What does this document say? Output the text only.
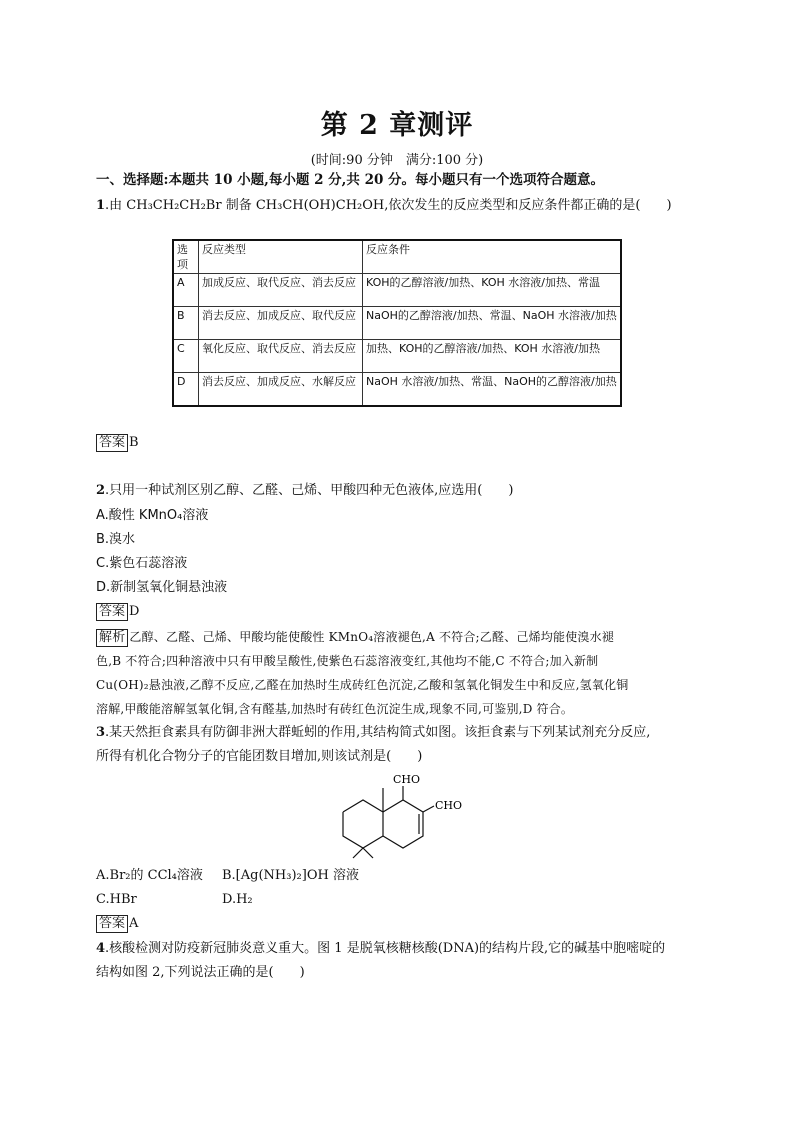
第 2 章测评
(时间:90 分钟　满分:100 分)
一、选择题:本题共 10 小题,每小题 2 分,共 20 分。每小题只有一个选项符合题意。
1.由 CH₃CH₂CH₂Br 制备 CH₃CH(OH)CH₂OH,依次发生的反应类型和反应条件都正确的是(　　)
选项	反应类型	反应条件
A	加成反应、取代反应、消去反应	KOH的乙醇溶液/加热、KOH 水溶液/加热、常温
B	消去反应、加成反应、取代反应	NaOH的乙醇溶液/加热、常温、NaOH 水溶液/加热
C	氧化反应、取代反应、消去反应	加热、KOH的乙醇溶液/加热、KOH 水溶液/加热
D	消去反应、加成反应、水解反应	NaOH 水溶液/加热、常温、NaOH的乙醇溶液/加热
答案 B
2.只用一种试剂区别乙醇、乙醛、己烯、甲酸四种无色液体,应选用(　　)
A.酸性 KMnO₄溶液
B.溴水
C.紫色石蕊溶液
D.新制氢氧化铜悬浊液
答案 D
解析 乙醇、乙醛、己烯、甲酸均能使酸性 KMnO₄溶液褪色,A 不符合;乙醛、己烯均能使溴水褪
色,B 不符合;四种溶液中只有甲酸呈酸性,使紫色石蕊溶液变红,其他均不能,C 不符合;加入新制
Cu(OH)₂悬浊液,乙醇不反应,乙醛在加热时生成砖红色沉淀,乙酸和氢氧化铜发生中和反应,氢氧化铜
溶解,甲酸能溶解氢氧化铜,含有醛基,加热时有砖红色沉淀生成,现象不同,可鉴别,D 符合。
3.某天然拒食素具有防御非洲大群蚯蚓的作用,其结构简式如图。该拒食素与下列某试剂充分反应,
所得有机化合物分子的官能团数目增加,则该试剂是(　　)
CHO
CHO
A.Br₂的 CCl₄溶液 B.[Ag(NH₃)₂]OH 溶液
C.HBr	D.H₂
答案 A
4.核酸检测对防疫新冠肺炎意义重大。图 1 是脱氧核糖核酸(DNA)的结构片段,它的碱基中胞嘧啶的
结构如图 2,下列说法正确的是(　　)
